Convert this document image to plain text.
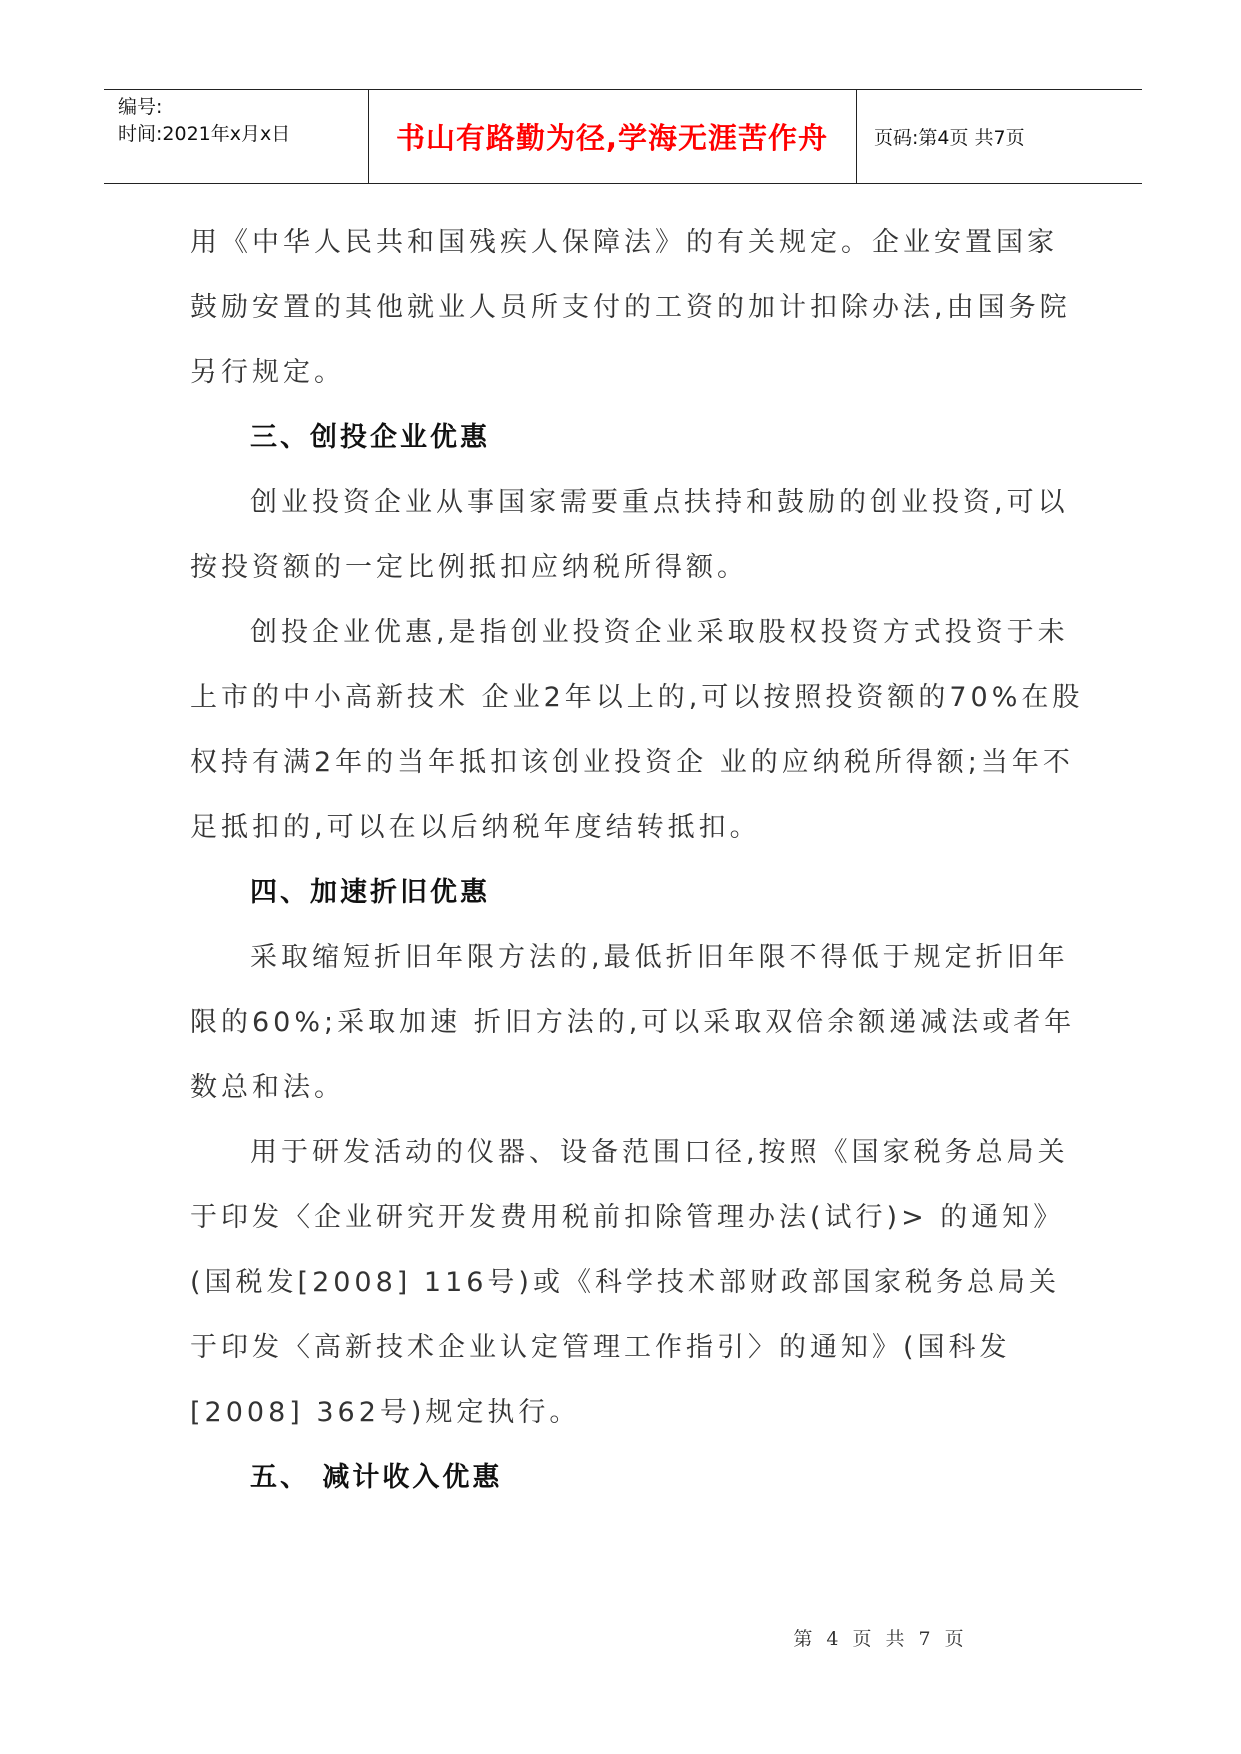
编号:
时间:2021年x月x日	书山有路勤为径,学海无涯苦作舟	页码:第4页 共7页

用《中华人民共和国残疾人保障法》的有关规定。企业安置国家鼓励安置的其他就业人员所支付的工资的加计扣除办法,由国务院另行规定。

三、创投企业优惠

创业投资企业从事国家需要重点扶持和鼓励的创业投资,可以按投资额的一定比例抵扣应纳税所得额。

创投企业优惠,是指创业投资企业采取股权投资方式投资于未上市的中小高新技术 企业2年以上的,可以按照投资额的70%在股权持有满2年的当年抵扣该创业投资企 业的应纳税所得额;当年不足抵扣的,可以在以后纳税年度结转抵扣。

四、加速折旧优惠

采取缩短折旧年限方法的,最低折旧年限不得低于规定折旧年限的60%;采取加速 折旧方法的,可以采取双倍余额递减法或者年数总和法。

用于研发活动的仪器、设备范围口径,按照《国家税务总局关于印发〈企业研究开发费用税前扣除管理办法(试行)> 的通知》(国税发[2008] 116号)或《科学技术部财政部国家税务总局关于印发〈高新技术企业认定管理工作指引〉的通知》(国科发[2008] 362号)规定执行。

五、 减计收入优惠

第 4 页 共 7 页
